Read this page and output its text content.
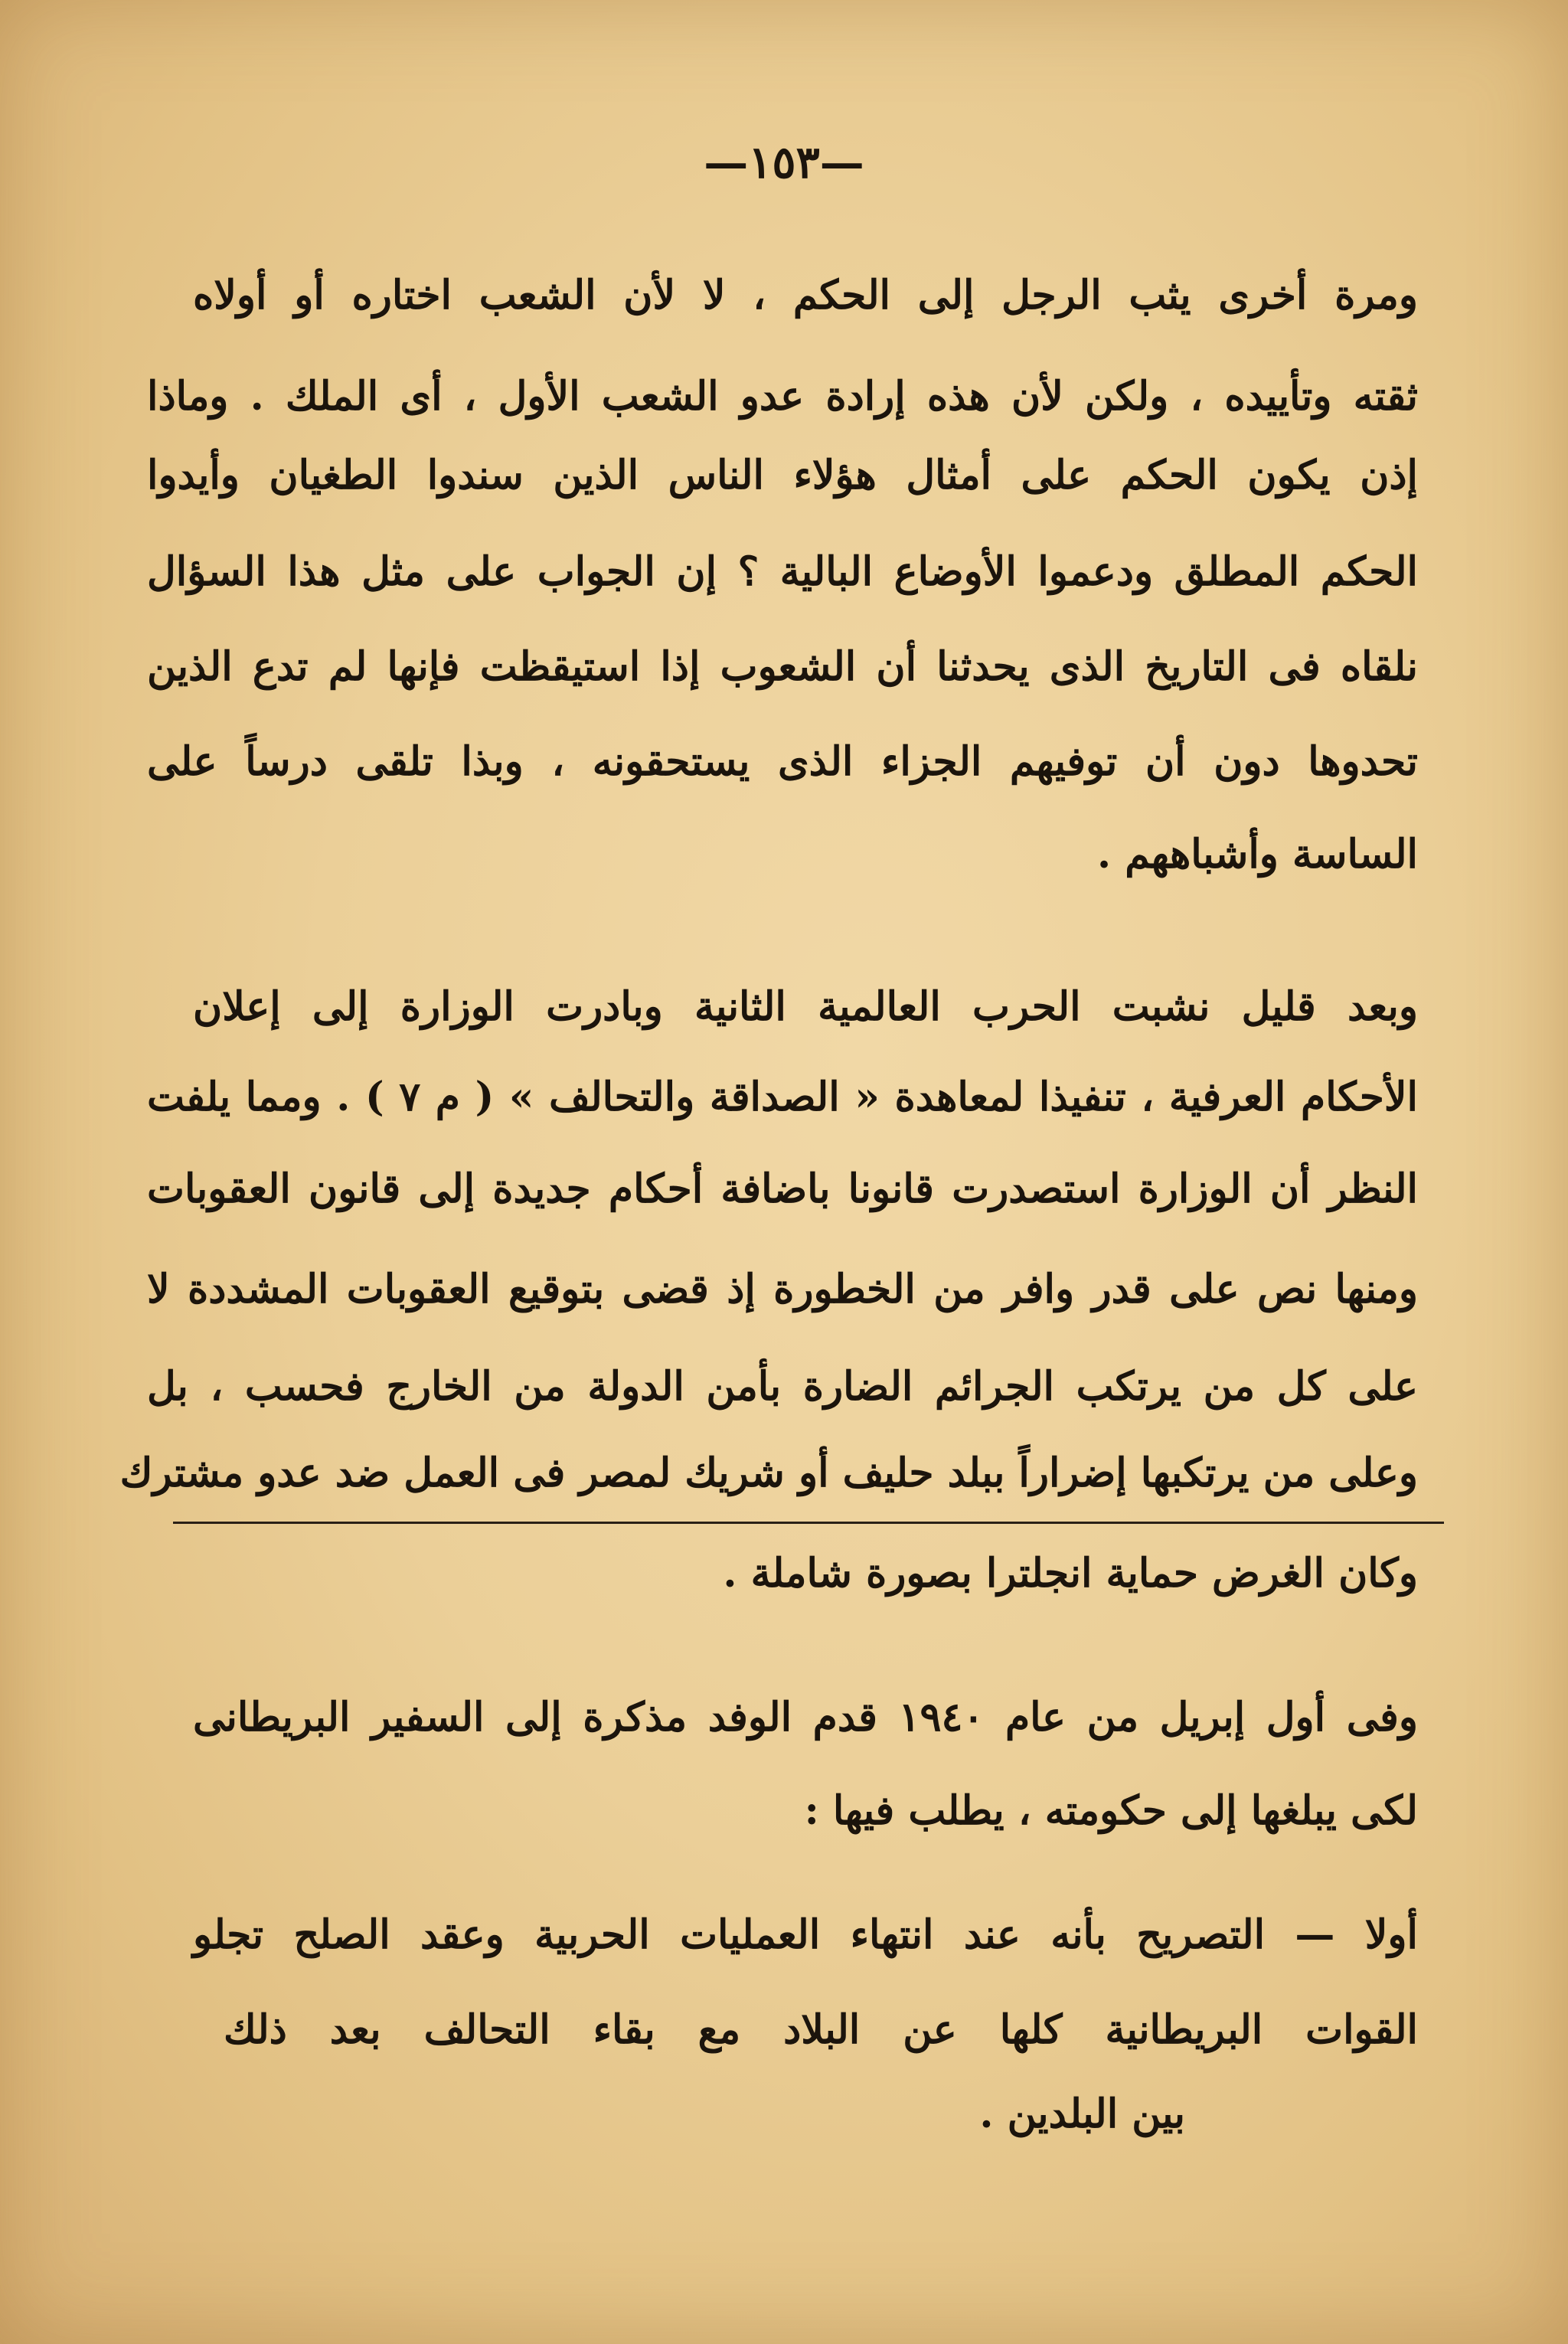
—١٥٣—

ومرة أخرى يثب الرجل إلى الحكم ، لا لأن الشعب اختاره أو أولاه

ثقته وتأييده ، ولكن لأن هذه إرادة عدو الشعب الأول ، أى الملك . وماذا

إذن يكون الحكم على أمثال هؤلاء الناس الذين سندوا الطغيان وأيدوا

الحكم المطلق ودعموا الأوضاع البالية ؟ إن الجواب على مثل هذا السؤال

نلقاه فى التاريخ الذى يحدثنا أن الشعوب إذا استيقظت فإنها لم تدع الذين

تحدوها دون أن توفيهم الجزاء الذى يستحقونه ، وبذا تلقى درساً على

الساسة وأشباههم .

وبعد قليل نشبت الحرب العالمية الثانية وبادرت الوزارة إلى إعلان

الأحكام العرفية ، تنفيذا لمعاهدة « الصداقة والتحالف » ( م ٧ ) . ومما يلفت

النظر أن الوزارة استصدرت قانونا باضافة أحكام جديدة إلى قانون العقوبات

ومنها نص على قدر وافر من الخطورة إذ قضى بتوقيع العقوبات المشددة لا

على كل من يرتكب الجرائم الضارة بأمن الدولة من الخارج فحسب ، بل

وعلى من يرتكبها إضراراً ببلد حليف أو شريك لمصر فى العمل ضد عدو مشترك

وكان الغرض حماية انجلترا بصورة شاملة .

وفى أول إبريل من عام ١٩٤٠ قدم الوفد مذكرة إلى السفير البريطانى

لكى يبلغها إلى حكومته ، يطلب فيها :

أولا — التصريح بأنه عند انتهاء العمليات الحربية وعقد الصلح تجلو

القوات البريطانية كلها عن البلاد مع بقاء التحالف بعد ذلك

بين البلدين .
